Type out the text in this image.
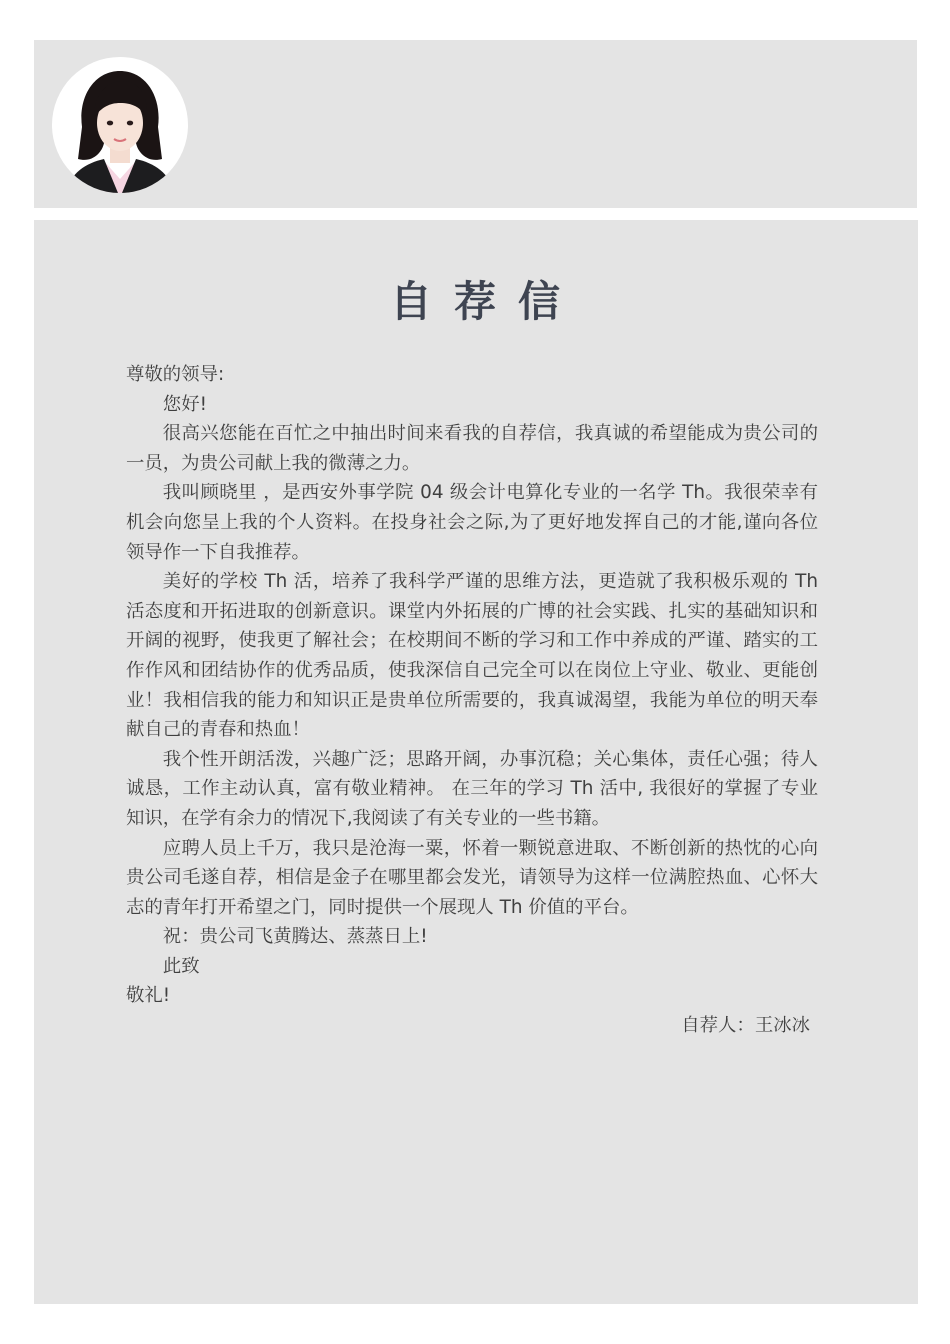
自荐信

尊敬的领导:

您好!

很高兴您能在百忙之中抽出时间来看我的自荐信，我真诚的希望能成为贵公司的一员，为贵公司献上我的微薄之力。

我叫顾晓里 ，是西安外事学院 04 级会计电算化专业的一名学 Th。我很荣幸有机会向您呈上我的个人资料。在投身社会之际,为了更好地发挥自己的才能,谨向各位领导作一下自我推荐。

美好的学校 Th 活，培养了我科学严谨的思维方法，更造就了我积极乐观的 Th 活态度和开拓进取的创新意识。课堂内外拓展的广博的社会实践、扎实的基础知识和开阔的视野，使我更了解社会；在校期间不断的学习和工作中养成的严谨、踏实的工作作风和团结协作的优秀品质，使我深信自己完全可以在岗位上守业、敬业、更能创业！我相信我的能力和知识正是贵单位所需要的，我真诚渴望，我能为单位的明天奉献自己的青春和热血！

我个性开朗活泼，兴趣广泛；思路开阔，办事沉稳；关心集体，责任心强；待人诚恳，工作主动认真，富有敬业精神。 在三年的学习 Th 活中, 我很好的掌握了专业知识，在学有余力的情况下,我阅读了有关专业的一些书籍。

应聘人员上千万，我只是沧海一粟，怀着一颗锐意进取、不断创新的热忱的心向贵公司毛遂自荐，相信是金子在哪里都会发光，请领导为这样一位满腔热血、心怀大志的青年打开希望之门，同时提供一个展现人 Th 价值的平台。

祝：贵公司飞黄腾达、蒸蒸日上!

此致

敬礼!

自荐人：王冰冰
